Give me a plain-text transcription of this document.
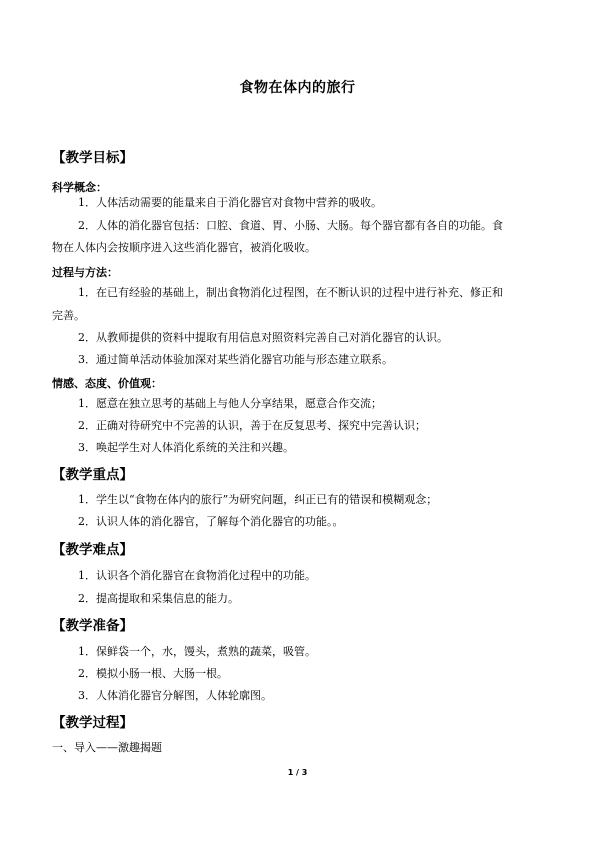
食物在体内的旅行
【教学目标】
科学概念：
1．人体活动需要的能量来自于消化器官对食物中营养的吸收。
2．人体的消化器官包括：口腔、食道、胃、小肠、大肠。每个器官都有各自的功能。食
物在人体内会按顺序进入这些消化器官，被消化吸收。
过程与方法：
1．在已有经验的基础上，制出食物消化过程图，在不断认识的过程中进行补充、修正和
完善。
2．从教师提供的资料中提取有用信息对照资料完善自己对消化器官的认识。
3．通过简单活动体验加深对某些消化器官功能与形态建立联系。
情感、态度、价值观：
1．愿意在独立思考的基础上与他人分享结果，愿意合作交流；
2．正确对待研究中不完善的认识，善于在反复思考、探究中完善认识；
3．唤起学生对人体消化系统的关注和兴趣。
【教学重点】
1．学生以“食物在体内的旅行”为研究问题，纠正已有的错误和模糊观念；
2．认识人体的消化器官，了解每个消化器官的功能。。
【教学难点】
1．认识各个消化器官在食物消化过程中的功能。
2．提高提取和采集信息的能力。
【教学准备】
1．保鲜袋一个，水，馒头，煮熟的蔬菜，吸管。
2．模拟小肠一根、大肠一根。
3．人体消化器官分解图，人体轮廓图。
【教学过程】
一、导入——激趣揭题
1 / 3
